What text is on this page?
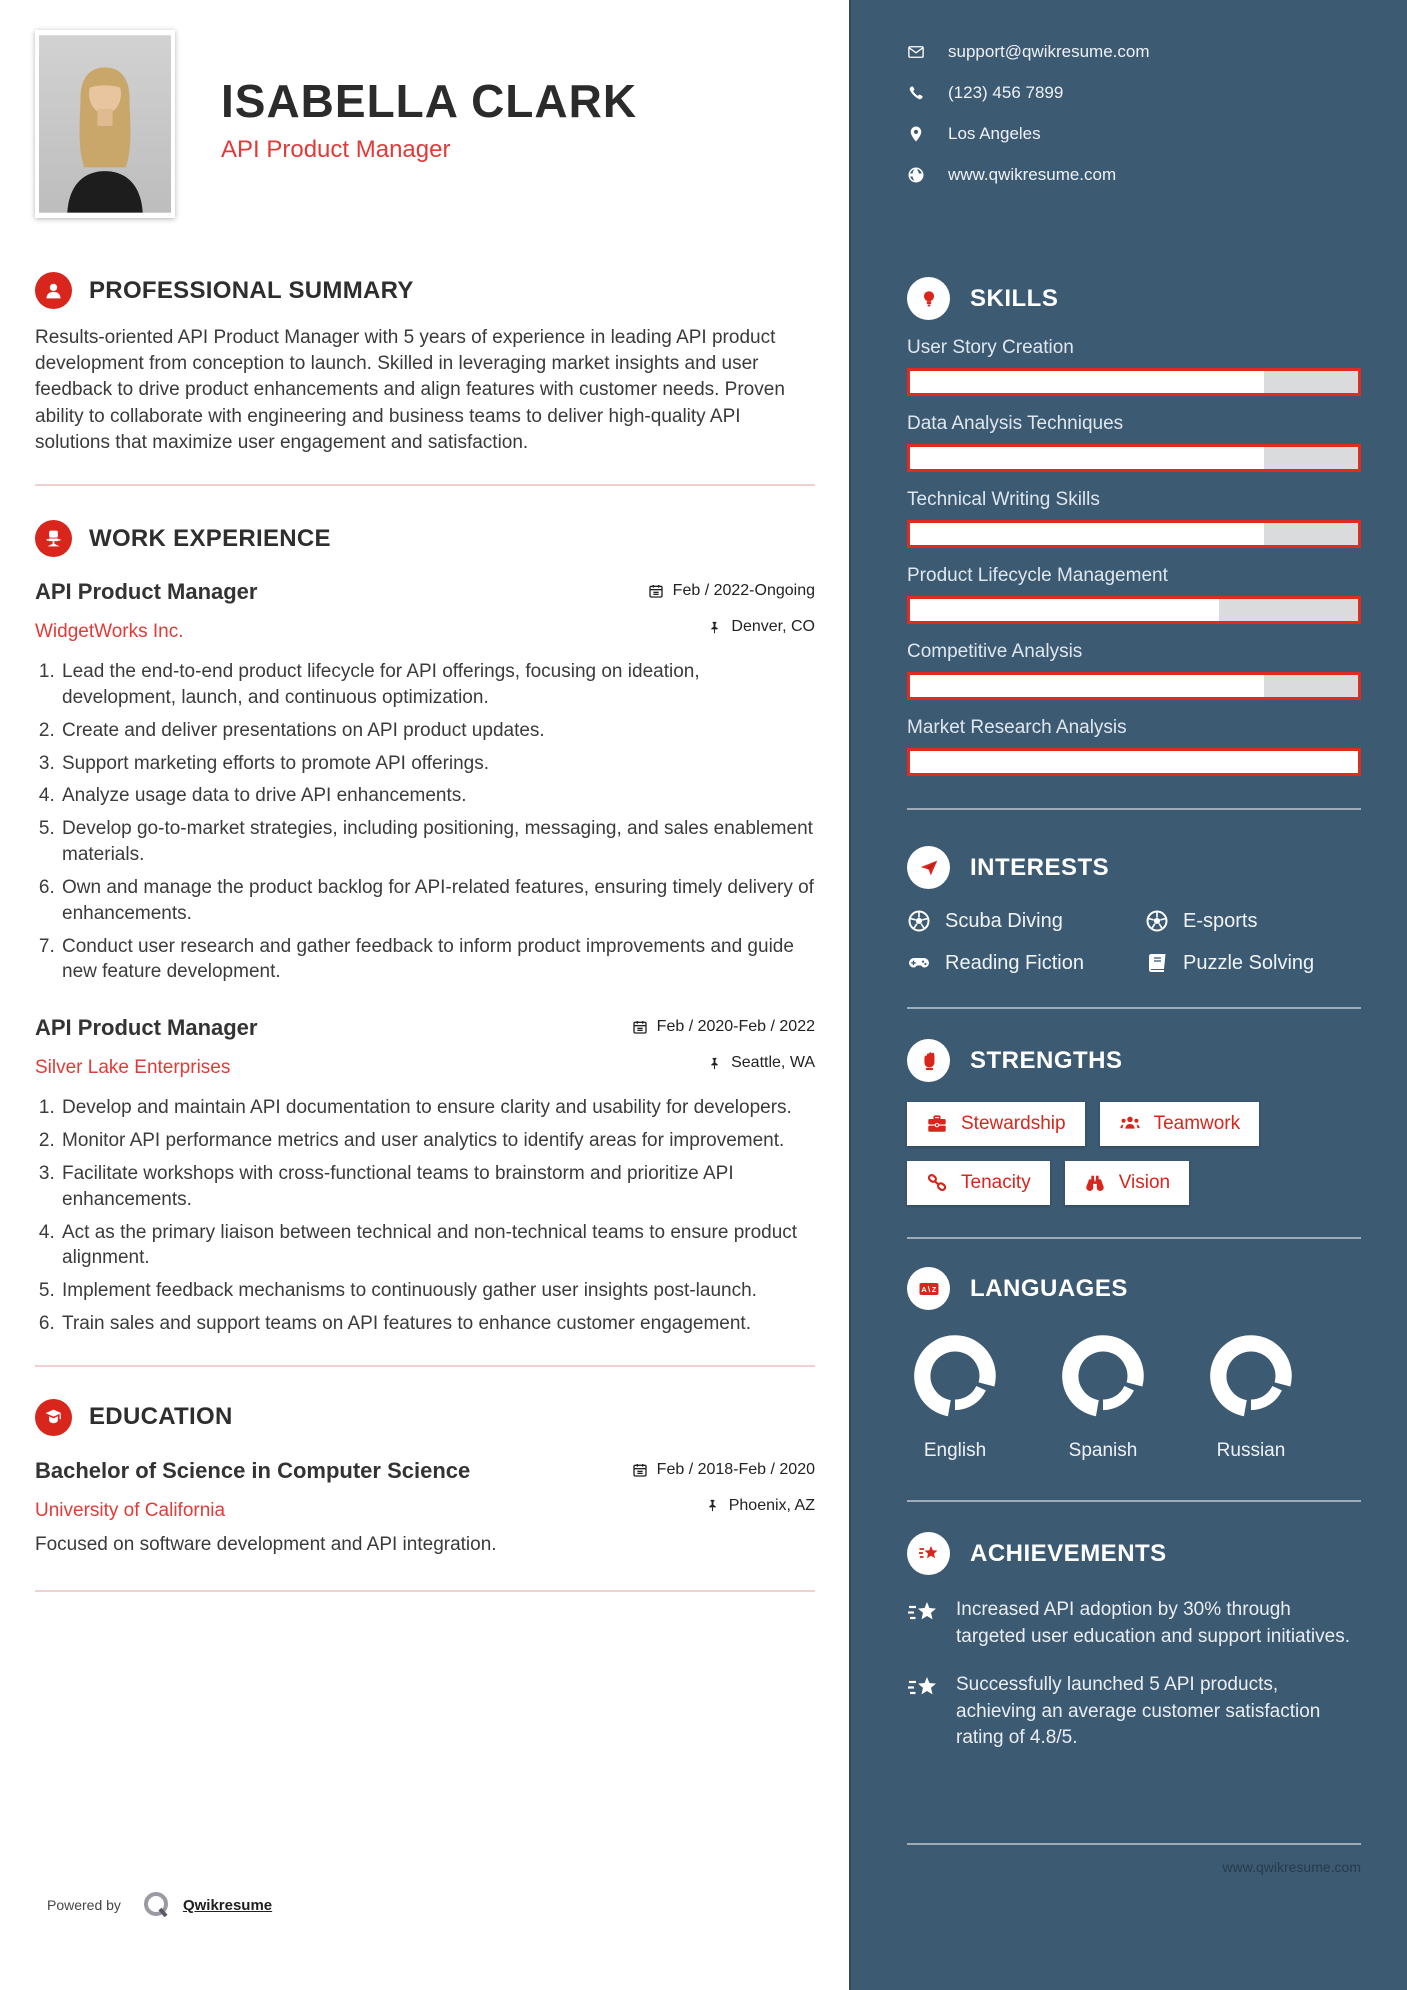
ISABELLA CLARK
API Product Manager
PROFESSIONAL SUMMARY

Results-oriented API Product Manager with 5 years of experience in leading API product development from conception to launch. Skilled in leveraging market insights and user feedback to drive product enhancements and align features with customer needs. Proven ability to collaborate with engineering and business teams to deliver high-quality API solutions that maximize user engagement and satisfaction.

WORK EXPERIENCE
API Product Manager	Feb / 2022-Ongoing
WidgetWorks Inc.	Denver, CO
1. Lead the end-to-end product lifecycle for API offerings, focusing on ideation, development, launch, and continuous optimization.
2. Create and deliver presentations on API product updates.
3. Support marketing efforts to promote API offerings.
4. Analyze usage data to drive API enhancements.
5. Develop go-to-market strategies, including positioning, messaging, and sales enablement materials.
6. Own and manage the product backlog for API-related features, ensuring timely delivery of enhancements.
7. Conduct user research and gather feedback to inform product improvements and guide new feature development.
API Product Manager	Feb / 2020-Feb / 2022
Silver Lake Enterprises	Seattle, WA
1. Develop and maintain API documentation to ensure clarity and usability for developers.
2. Monitor API performance metrics and user analytics to identify areas for improvement.
3. Facilitate workshops with cross-functional teams to brainstorm and prioritize API enhancements.
4. Act as the primary liaison between technical and non-technical teams to ensure product alignment.
5. Implement feedback mechanisms to continuously gather user insights post-launch.
6. Train sales and support teams on API features to enhance customer engagement.
EDUCATION
Bachelor of Science in Computer Science	Feb / 2018-Feb / 2020
University of California	Phoenix, AZ

Focused on software development and API integration.

Powered by	Qwikresume
support@qwikresume.com
(123) 456 7899
Los Angeles
www.qwikresume.com
SKILLS
User Story Creation
Data Analysis Techniques
Technical Writing Skills
Product Lifecycle Management
Competitive Analysis
Market Research Analysis
INTERESTS
Scuba Diving	E-sports
Reading Fiction	Puzzle Solving
STRENGTHS
Stewardship	Teamwork
Tenacity	Vision
A Z LANGUAGES
English	Spanish	Russian
ACHIEVEMENTS
Increased API adoption by 30% through targeted user education and support initiatives.
Successfully launched 5 API products, achieving an average customer satisfaction rating of 4.8/5.
www.qwikresume.com
